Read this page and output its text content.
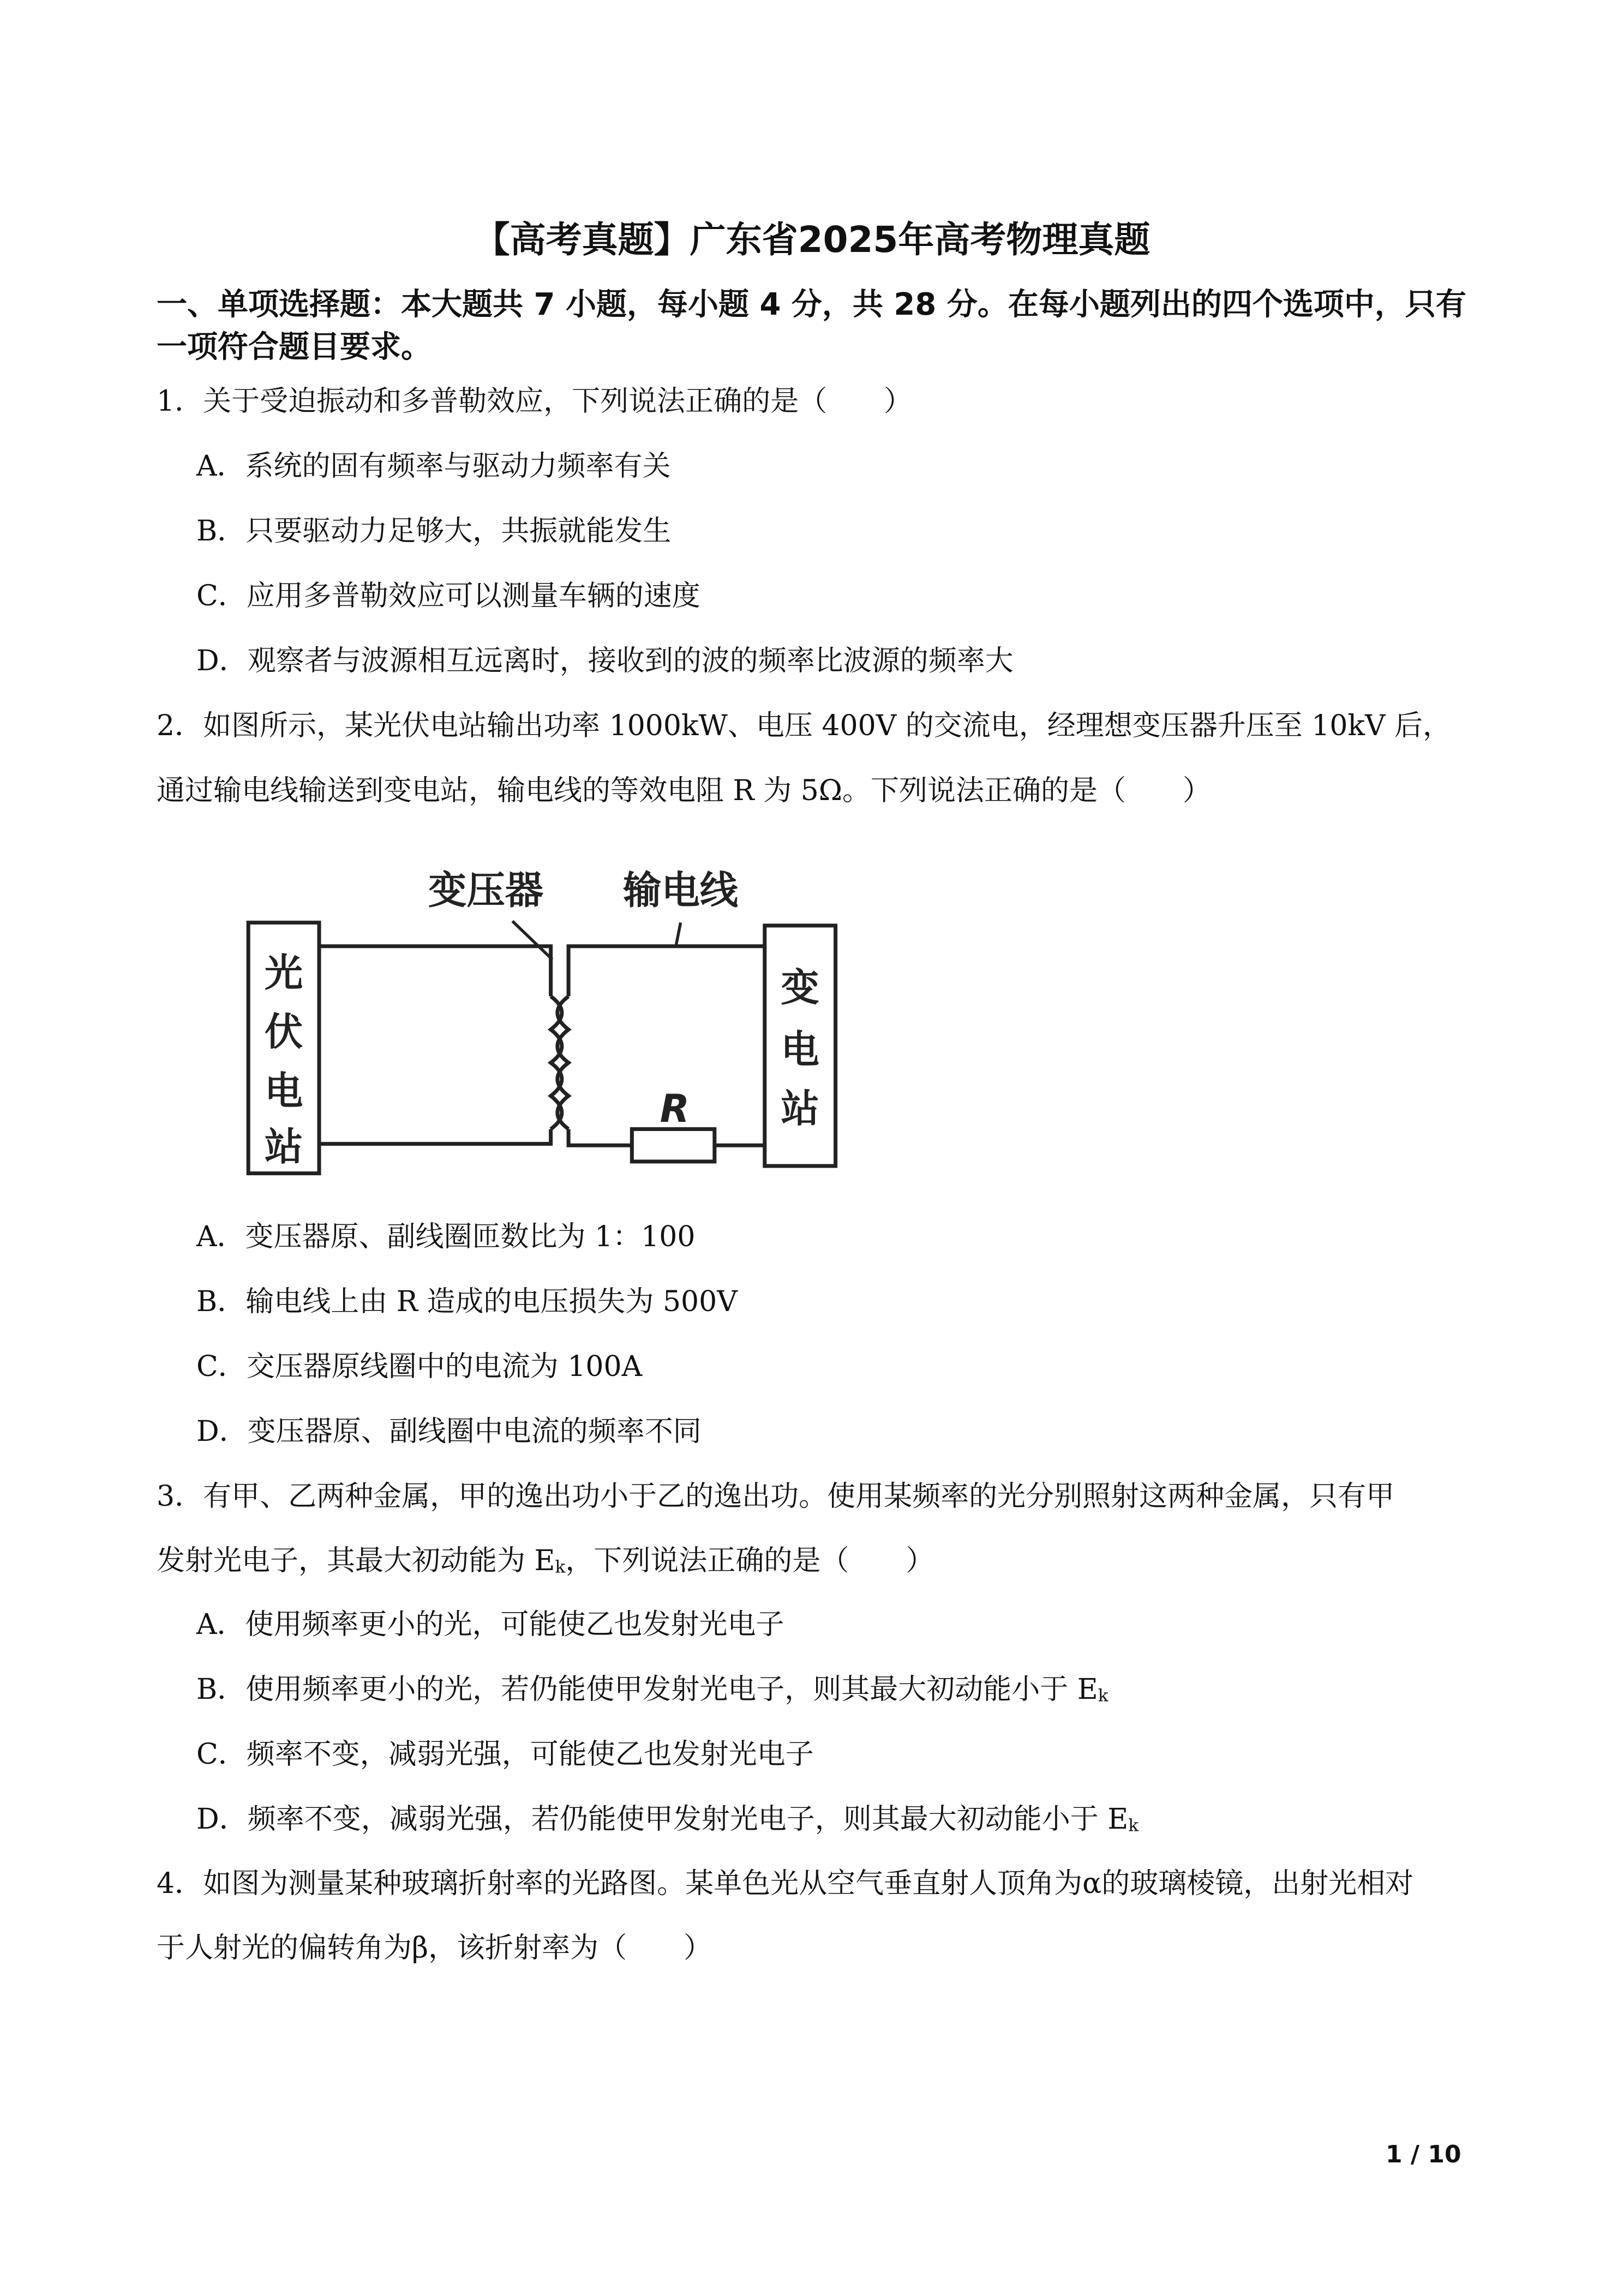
【高考真题】广东省2025年高考物理真题
一、单项选择题：本大题共 7 小题，每小题 4 分，共 28 分。在每小题列出的四个选项中，只有一项符合题目要求。
1．关于受迫振动和多普勒效应，下列说法正确的是（　　）
A．系统的固有频率与驱动力频率有关
B．只要驱动力足够大，共振就能发生
C．应用多普勒效应可以测量车辆的速度
D．观察者与波源相互远离时，接收到的波的频率比波源的频率大
2．如图所示，某光伏电站输出功率 1000kW、电压 400V 的交流电，经理想变压器升压至 10kV 后，
通过输电线输送到变电站，输电线的等效电阻 R 为 5Ω。下列说法正确的是（　　）
变压器	输电线
光
伏
电
站
变
电
站
R
A．变压器原、副线圈匝数比为 1：100
B．输电线上由 R 造成的电压损失为 500V
C．交压器原线圈中的电流为 100A
D．变压器原、副线圈中电流的频率不同
3．有甲、乙两种金属，甲的逸出功小于乙的逸出功。使用某频率的光分别照射这两种金属，只有甲
发射光电子，其最大初动能为 $E_k$，下列说法正确的是（　　）
A．使用频率更小的光，可能使乙也发射光电子
B．使用频率更小的光，若仍能使甲发射光电子，则其最大初动能小于 $E_k$
C．频率不变，减弱光强，可能使乙也发射光电子
D．频率不变，减弱光强，若仍能使甲发射光电子，则其最大初动能小于 $E_k$
4．如图为测量某种玻璃折射率的光路图。某单色光从空气垂直射人顶角为α的玻璃棱镜，出射光相对
于人射光的偏转角为β，该折射率为（　　）
1 / 10
